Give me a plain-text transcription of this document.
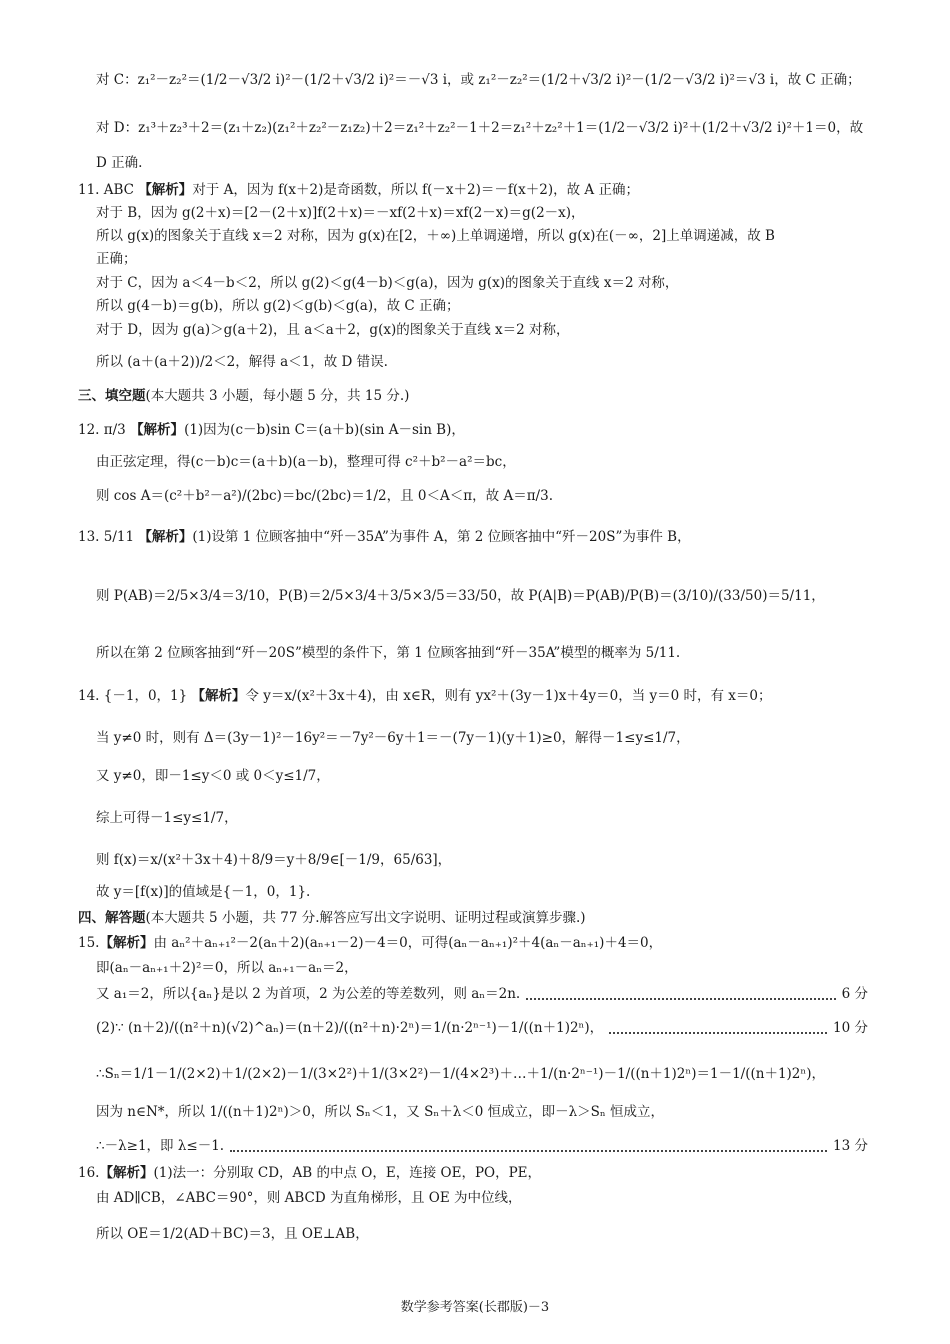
对 C：z₁²－z₂²＝(1/2－√3/2 i)²－(1/2＋√3/2 i)²＝－√3 i，或 z₁²－z₂²＝(1/2＋√3/2 i)²－(1/2－√3/2 i)²＝√3 i，故 C 正确；
对 D：z₁³＋z₂³＋2＝(z₁＋z₂)(z₁²＋z₂²－z₁z₂)＋2＝z₁²＋z₂²－1＋2＝z₁²＋z₂²＋1＝(1/2－√3/2 i)²＋(1/2＋√3/2 i)²＋1＝0，故
D 正确.
11. ABC 【解析】对于 A，因为 f(x＋2)是奇函数，所以 f(－x＋2)＝－f(x＋2)，故 A 正确；
对于 B，因为 g(2＋x)＝[2－(2＋x)]f(2＋x)＝－xf(2＋x)＝xf(2－x)＝g(2－x)，
所以 g(x)的图象关于直线 x＝2 对称，因为 g(x)在[2，＋∞)上单调递增，所以 g(x)在(－∞，2]上单调递减，故 B
正确；
对于 C，因为 a＜4－b＜2，所以 g(2)＜g(4－b)＜g(a)，因为 g(x)的图象关于直线 x＝2 对称，
所以 g(4－b)＝g(b)，所以 g(2)＜g(b)＜g(a)，故 C 正确；
对于 D，因为 g(a)＞g(a＋2)，且 a＜a＋2，g(x)的图象关于直线 x＝2 对称，
所以 (a＋(a＋2))/2＜2，解得 a＜1，故 D 错误.
三、填空题(本大题共 3 小题，每小题 5 分，共 15 分.)
12. π/3 【解析】(1)因为(c－b)sin C＝(a＋b)(sin A－sin B)，
由正弦定理，得(c－b)c＝(a＋b)(a－b)，整理可得 c²＋b²－a²＝bc，
则 cos A＝(c²＋b²－a²)/(2bc)＝bc/(2bc)＝1/2，且 0＜A＜π，故 A＝π/3.
13. 5/11 【解析】(1)设第 1 位顾客抽中“歼－35A”为事件 A，第 2 位顾客抽中“歼－20S”为事件 B，
则 P(AB)＝2/5×3/4＝3/10，P(B)＝2/5×3/4＋3/5×3/5＝33/50，故 P(A|B)＝P(AB)/P(B)＝(3/10)/(33/50)＝5/11，
所以在第 2 位顾客抽到“歼－20S”模型的条件下，第 1 位顾客抽到“歼－35A”模型的概率为 5/11.
14. {－1，0，1} 【解析】令 y＝x/(x²＋3x＋4)，由 x∈R，则有 yx²＋(3y－1)x＋4y＝0，当 y＝0 时，有 x＝0；
当 y≠0 时，则有 Δ＝(3y－1)²－16y²＝－7y²－6y＋1＝－(7y－1)(y＋1)≥0，解得－1≤y≤1/7，
又 y≠0，即－1≤y＜0 或 0＜y≤1/7，
综上可得－1≤y≤1/7，
则 f(x)＝x/(x²＋3x＋4)＋8/9＝y＋8/9∈[－1/9，65/63]，
故 y＝[f(x)]的值域是{－1，0，1}.
四、解答题(本大题共 5 小题，共 77 分.解答应写出文字说明、证明过程或演算步骤.)
15.【解析】由 aₙ²＋aₙ₊₁²－2(aₙ＋2)(aₙ₊₁－2)－4＝0，可得(aₙ－aₙ₊₁)²＋4(aₙ－aₙ₊₁)＋4＝0，
即(aₙ－aₙ₊₁＋2)²＝0，所以 aₙ₊₁－aₙ＝2，
又 a₁＝2，所以{aₙ}是以 2 为首项，2 为公差的等差数列，则 aₙ＝2n.	6 分
(2)∵ (n＋2)/((n²＋n)(√2)^aₙ)＝(n＋2)/((n²＋n)·2ⁿ)＝1/(n·2ⁿ⁻¹)－1/((n＋1)2ⁿ)，	10 分
∴Sₙ＝1/1－1/(2×2)＋1/(2×2)－1/(3×2²)＋1/(3×2²)－1/(4×2³)＋…＋1/(n·2ⁿ⁻¹)－1/((n＋1)2ⁿ)＝1－1/((n＋1)2ⁿ)，
因为 n∈N*，所以 1/((n＋1)2ⁿ)＞0，所以 Sₙ＜1，又 Sₙ＋λ＜0 恒成立，即－λ＞Sₙ 恒成立，
∴－λ≥1，即 λ≤－1.	13 分
16.【解析】(1)法一：分别取 CD，AB 的中点 O，E，连接 OE，PO，PE，
由 AD∥CB，∠ABC＝90°，则 ABCD 为直角梯形，且 OE 为中位线，
所以 OE＝1/2(AD＋BC)＝3，且 OE⊥AB，
数学参考答案(长郡版)－3
